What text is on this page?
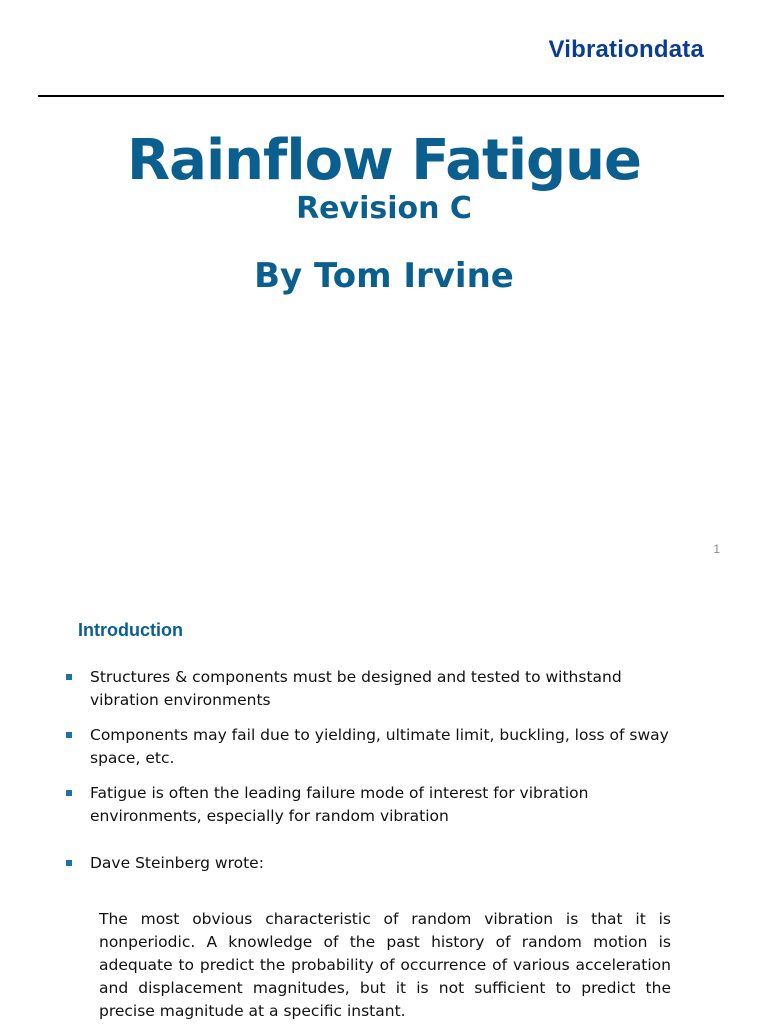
Vibrationdata
Rainflow Fatigue
Revision C
By Tom Irvine
1
Introduction
Structures & components must be designed and tested to withstand vibration environments
Components may fail due to yielding, ultimate limit, buckling, loss of sway space, etc.
Fatigue is often the leading failure mode of interest for vibration environments, especially for random vibration
Dave Steinberg wrote:

The most obvious characteristic of random vibration is that it is nonperiodic. A knowledge of the past history of random motion is adequate to predict the probability of occurrence of various acceleration and displacement magnitudes, but it is not sufficient to predict the precise magnitude at a specific instant.
